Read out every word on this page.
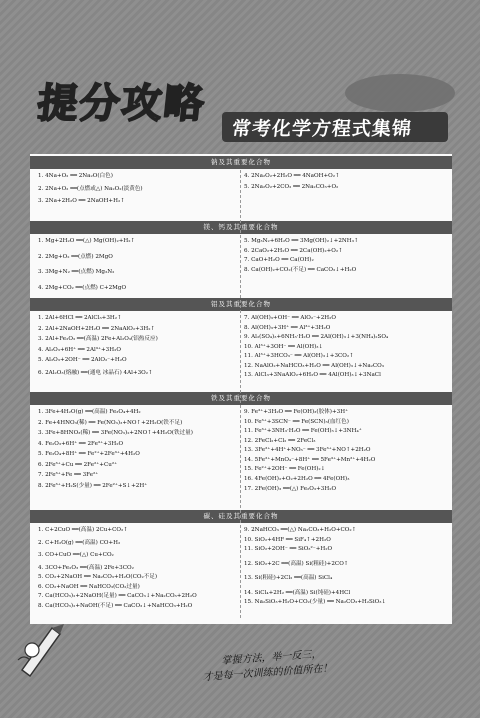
提分攻略
常考化学方程式集锦
钠及其重要化合物
1. 4Na+O₂ ══ 2Na₂O(白色)
2. 2Na+O₂ ══(点燃或△) Na₂O₂(淡黄色)
3. 2Na+2H₂O ══ 2NaOH+H₂↑
4. 2Na₂O₂+2H₂O ══ 4NaOH+O₂↑
5. 2Na₂O₂+2CO₂ ══ 2Na₂CO₃+O₂
镁、钙及其重要化合物
1. Mg+2H₂O ══(△) Mg(OH)₂+H₂↑
2. 2Mg+O₂ ══(点燃) 2MgO
3. 3Mg+N₂ ══(点燃) Mg₃N₂
4. 2Mg+CO₂ ══(点燃) C+2MgO
5. Mg₃N₂+6H₂O ══ 3Mg(OH)₂↓+2NH₃↑
6. 2CaO₂+2H₂O ══ 2Ca(OH)₂+O₂↑
7. CaO+H₂O ══ Ca(OH)₂
8. Ca(OH)₂+CO₂(不足) ══ CaCO₃↓+H₂O
铝及其重要化合物
1. 2Al+6HCl ══ 2AlCl₃+3H₂↑
2. 2Al+2NaOH+2H₂O ══ 2NaAlO₂+3H₂↑
3. 2Al+Fe₂O₃ ══(高温) 2Fe+Al₂O₃(铝热反应)
4. Al₂O₃+6H⁺ ══ 2Al³⁺+3H₂O
5. Al₂O₃+2OH⁻ ══ 2AlO₂⁻+H₂O
6. 2Al₂O₃(熔融) ══(通电 冰晶石) 4Al+3O₂↑
7. Al(OH)₃+OH⁻ ══ AlO₂⁻+2H₂O
8. Al(OH)₃+3H⁺ ══ Al³⁺+3H₂O
9. Al₂(SO₄)₃+6NH₃·H₂O ══ 2Al(OH)₃↓+3(NH₄)₂SO₄
10. Al³⁺+3OH⁻ ══ Al(OH)₃↓
11. Al³⁺+3HCO₃⁻ ══ Al(OH)₃↓+3CO₂↑
12. NaAlO₂+NaHCO₃+H₂O ══ Al(OH)₃↓+Na₂CO₃
13. AlCl₃+3NaAlO₂+6H₂O ══ 4Al(OH)₃↓+3NaCl
铁及其重要化合物
1. 3Fe+4H₂O(g) ══(高温) Fe₃O₄+4H₂
2. Fe+4HNO₃(稀) ══ Fe(NO₃)₃+NO↑+2H₂O(铁不足)
3. 3Fe+8HNO₃(稀) ══ 3Fe(NO₃)₂+2NO↑+4H₂O(铁过量)
4. Fe₂O₃+6H⁺ ══ 2Fe³⁺+3H₂O
5. Fe₃O₄+8H⁺ ══ Fe²⁺+2Fe³⁺+4H₂O
6. 2Fe³⁺+Cu ══ 2Fe²⁺+Cu²⁺
7. 2Fe³⁺+Fe ══ 3Fe²⁺
8. 2Fe³⁺+H₂S(少量) ══ 2Fe²⁺+S↓+2H⁺
9. Fe³⁺+3H₂O ══ Fe(OH)₃(胶体)+3H⁺
10. Fe³⁺+3SCN⁻ ══ Fe(SCN)₃(血红色)
11. Fe³⁺+3NH₃·H₂O ══ Fe(OH)₃↓+3NH₄⁺
12. 2FeCl₂+Cl₂ ══ 2FeCl₃
13. 3Fe²⁺+4H⁺+NO₃⁻ ══ 3Fe³⁺+NO↑+2H₂O
14. 5Fe²⁺+MnO₄⁻+8H⁺ ══ 5Fe³⁺+Mn²⁺+4H₂O
15. Fe²⁺+2OH⁻ ══ Fe(OH)₂↓
16. 4Fe(OH)₂+O₂+2H₂O ══ 4Fe(OH)₃
17. 2Fe(OH)₃ ══(△) Fe₂O₃+3H₂O
碳、硅及其重要化合物
1. C+2CuO ══(高温) 2Cu+CO₂↑
2. C+H₂O(g) ══(高温) CO+H₂
3. CO+CuO ══(△) Cu+CO₂
4. 3CO+Fe₂O₃ ══(高温) 2Fe+3CO₂
5. CO₂+2NaOH ══ Na₂CO₃+H₂O(CO₂不足)
6. CO₂+NaOH ══ NaHCO₃(CO₂过量)
7. Ca(HCO₃)₂+2NaOH(足量) ══ CaCO₃↓+Na₂CO₃+2H₂O
8. Ca(HCO₃)₂+NaOH(不足) ══ CaCO₃↓+NaHCO₃+H₂O
9. 2NaHCO₃ ══(△) Na₂CO₃+H₂O+CO₂↑
10. SiO₂+4HF ══ SiF₄↑+2H₂O
11. SiO₂+2OH⁻ ══ SiO₃²⁻+H₂O
12. SiO₂+2C ══(高温) Si(粗硅)+2CO↑
13. Si(粗硅)+2Cl₂ ══(高温) SiCl₄
14. SiCl₄+2H₂ ══(高温) Si(纯硅)+4HCl
15. Na₂SiO₃+H₂O+CO₂(少量) ══ Na₂CO₃+H₂SiO₃↓
掌握方法，举一反三，
才是每一次训练的价值所在！
